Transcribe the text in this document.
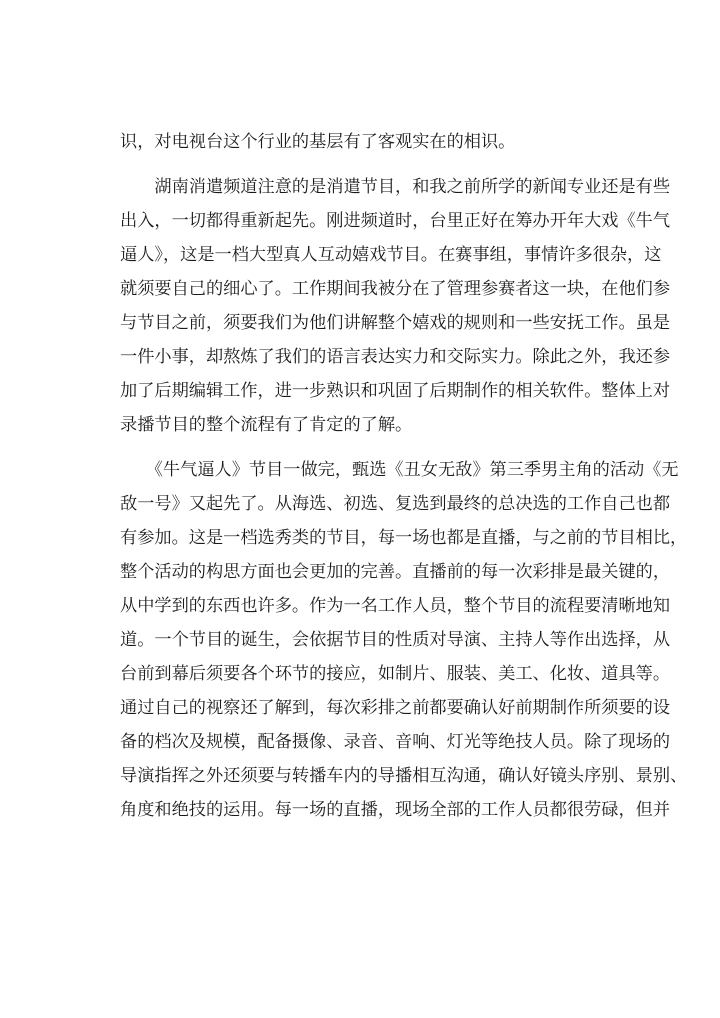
识，对电视台这个行业的基层有了客观实在的相识。
　　湖南消遣频道注意的是消遣节目，和我之前所学的新闻专业还是有些
出入，一切都得重新起先。刚进频道时，台里正好在筹办开年大戏《牛气
逼人》，这是一档大型真人互动嬉戏节目。在赛事组，事情许多很杂，这
就须要自己的细心了。工作期间我被分在了管理参赛者这一块，在他们参
与节目之前，须要我们为他们讲解整个嬉戏的规则和一些安抚工作。虽是
一件小事，却熬炼了我们的语言表达实力和交际实力。除此之外，我还参
加了后期编辑工作，进一步熟识和巩固了后期制作的相关软件。整体上对
录播节目的整个流程有了肯定的了解。
　　《牛气逼人》节目一做完，甄选《丑女无敌》第三季男主角的活动《无
敌一号》又起先了。从海选、初选、复选到最终的总决选的工作自己也都
有参加。这是一档选秀类的节目，每一场也都是直播，与之前的节目相比，
整个活动的构思方面也会更加的完善。直播前的每一次彩排是最关键的，
从中学到的东西也许多。作为一名工作人员，整个节目的流程要清晰地知
道。一个节目的诞生，会依据节目的性质对导演、主持人等作出选择，从
台前到幕后须要各个环节的接应，如制片、服装、美工、化妆、道具等。
通过自己的视察还了解到，每次彩排之前都要确认好前期制作所须要的设
备的档次及规模，配备摄像、录音、音响、灯光等绝技人员。除了现场的
导演指挥之外还须要与转播车内的导播相互沟通，确认好镜头序别、景别、
角度和绝技的运用。每一场的直播，现场全部的工作人员都很劳碌，但并
